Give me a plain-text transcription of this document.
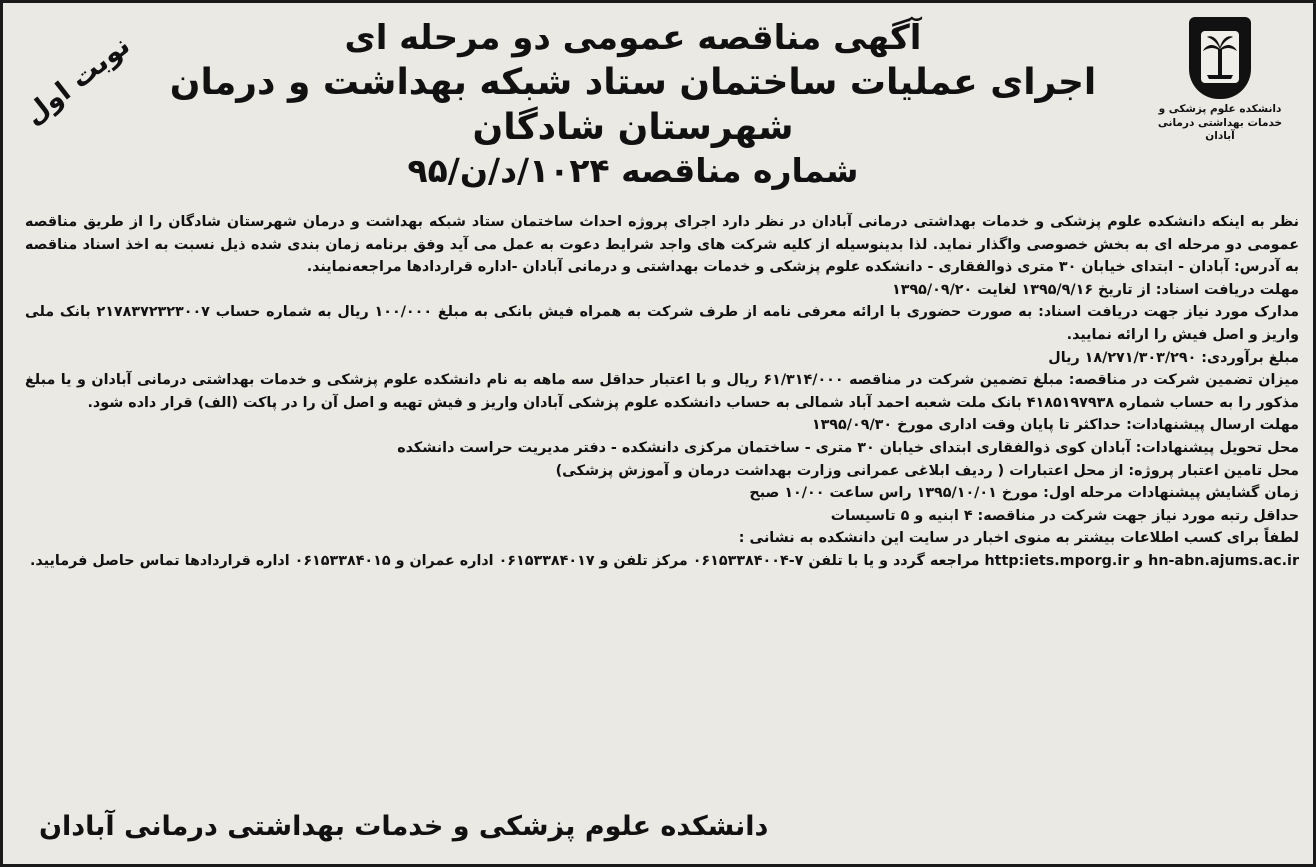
دانشکده علوم پزشکی و
خدمات بهداشتی درمانی آبادان
آگهی مناقصه عمومی دو مرحله ای
اجرای عملیات ساختمان ستاد شبکه بهداشت و درمان شهرستان شادگان
شماره مناقصه ۱۰۲۴/د/ن/۹۵
نوبت اول

نظر به اینکه دانشکده علوم پزشکی و خدمات بهداشتی درمانی آبادان در نظر دارد اجرای پروژه احداث ساختمان ستاد شبکه بهداشت و درمان شهرستان شادگان را از طریق مناقصه عمومی دو مرحله ای به بخش خصوصی واگذار نماید. لذا بدینوسیله از کلیه شرکت های واجد شرایط دعوت به عمل می آید وفق برنامه زمان بندی شده ذیل نسبت به اخذ اسناد مناقصه به آدرس: آبادان - ابتدای خیابان ۳۰ متری ذوالفقاری - دانشکده علوم پزشکی و خدمات بهداشتی و درمانی آبادان -اداره قراردادها مراجعه‌نمایند.

مهلت دریافت اسناد: از تاریخ ۱۳۹۵/۹/۱۶ لغایت ۱۳۹۵/۰۹/۲۰

مدارک مورد نیاز جهت دریافت اسناد: به صورت حضوری با ارائه معرفی نامه از طرف شرکت به همراه فیش بانکی به مبلغ ۱۰۰/۰۰۰ ریال به شماره حساب ۲۱۷۸۳۷۲۳۲۳۰۰۷ بانک ملی واریز و اصل فیش را ارائه نمایید.

مبلغ برآوردی: ۱۸/۲۷۱/۳۰۳/۲۹۰ ریال

میزان تضمین شرکت در مناقصه: مبلغ تضمین شرکت در مناقصه ۶۱/۳۱۴/۰۰۰ ریال و با اعتبار حداقل سه ماهه به نام دانشکده علوم پزشکی و خدمات بهداشتی درمانی آبادان و یا مبلغ مذکور را به حساب شماره ۴۱۸۵۱۹۷۹۳۸ بانک ملت شعبه احمد آباد شمالی به حساب دانشکده علوم پزشکی آبادان واریز و فیش تهیه و اصل آن را در پاکت (الف) قرار داده شود.

مهلت ارسال پیشنهادات: حداکثر تا پایان وقت اداری مورخ ۱۳۹۵/۰۹/۳۰

محل تحویل پیشنهادات: آبادان کوی ذوالفقاری ابتدای خیابان ۳۰ متری - ساختمان مرکزی دانشکده - دفتر مدیریت حراست دانشکده

محل تامین اعتبار پروژه: از محل اعتبارات ( ردیف ابلاغی عمرانی وزارت بهداشت درمان و آموزش پزشکی)

زمان گشایش پیشنهادات مرحله اول: مورخ ۱۳۹۵/۱۰/۰۱ راس ساعت ۱۰/۰۰ صبح

حداقل رتبه مورد نیاز جهت شرکت در مناقصه: ۴ ابنیه و ۵ تاسیسات

لطفاً برای کسب اطلاعات بیشتر به منوی اخبار در سایت این دانشکده به نشانی :

hn-abn.ajums.ac.ir و http:iets.mporg.ir مراجعه گردد و یا با تلفن ۷-۰۶۱۵۳۳۸۴۰۰۴ مرکز تلفن و ۰۶۱۵۳۳۸۴۰۱۷ اداره عمران و ۰۶۱۵۳۳۸۴۰۱۵ اداره قراردادها تماس حاصل فرمایید.

دانشکده علوم پزشکی و خدمات بهداشتی درمانی آبادان
